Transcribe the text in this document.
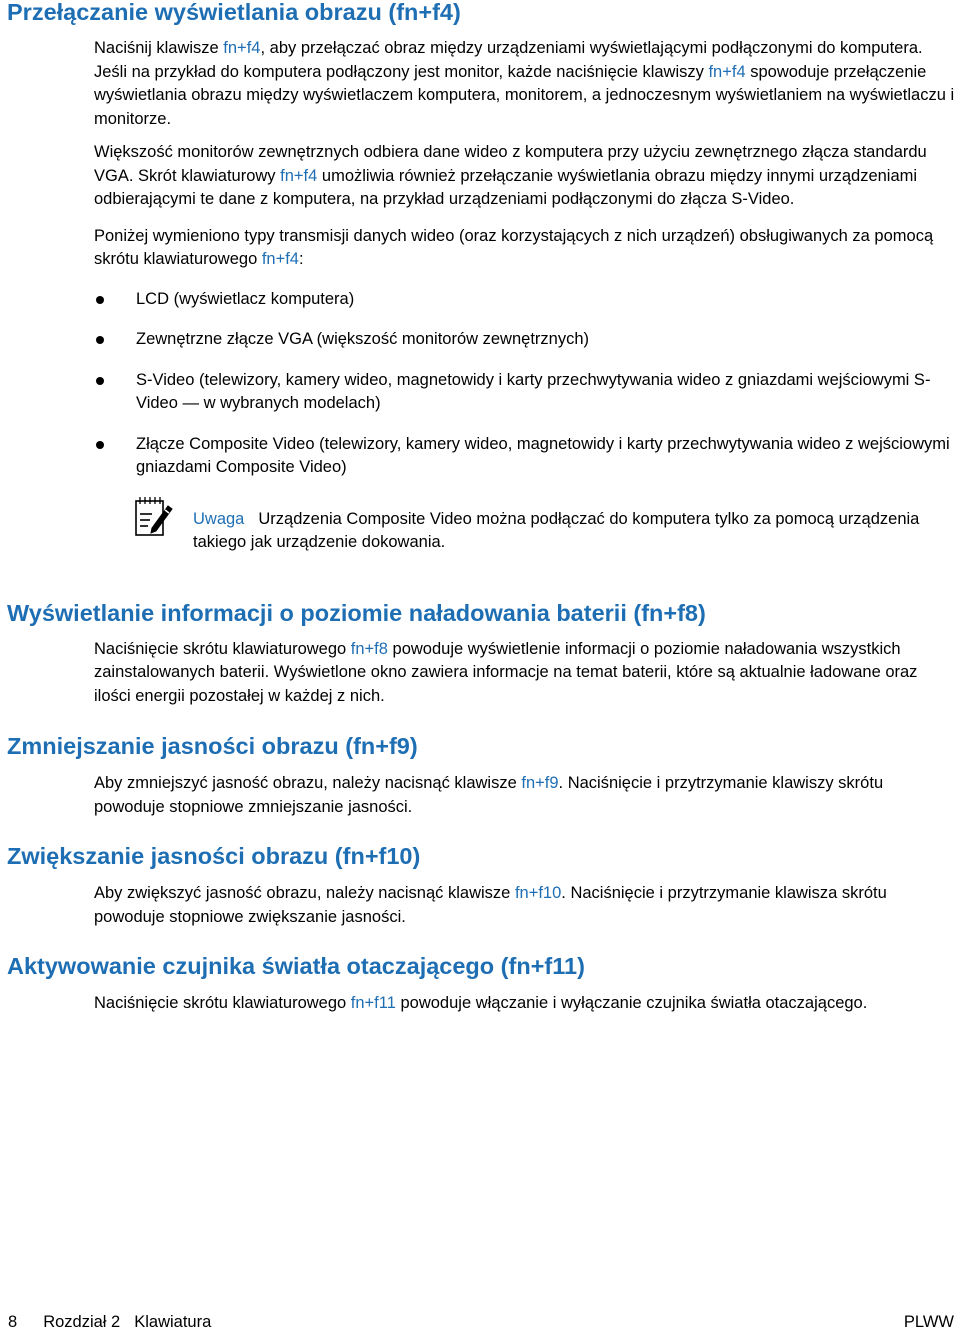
Przełączanie wyświetlania obrazu (fn+f4)

Naciśnij klawisze fn+f4, aby przełączać obraz między urządzeniami wyświetlającymi podłączonymi do komputera. Jeśli na przykład do komputera podłączony jest monitor, każde naciśnięcie klawiszy fn+f4 spowoduje przełączenie wyświetlania obrazu między wyświetlaczem komputera, monitorem, a jednoczesnym wyświetlaniem na wyświetlaczu i monitorze.

Większość monitorów zewnętrznych odbiera dane wideo z komputera przy użyciu zewnętrznego złącza standardu VGA. Skrót klawiaturowy fn+f4 umożliwia również przełączanie wyświetlania obrazu między innymi urządzeniami odbierającymi te dane z komputera, na przykład urządzeniami podłączonymi do złącza S-Video.

Poniżej wymieniono typy transmisji danych wideo (oraz korzystających z nich urządzeń) obsługiwanych za pomocą skrótu klawiaturowego fn+f4:

LCD (wyświetlacz komputera)
Zewnętrzne złącze VGA (większość monitorów zewnętrznych)
S-Video (telewizory, kamery wideo, magnetowidy i karty przechwytywania wideo z gniazdami wejściowymi S-Video — w wybranych modelach)
Złącze Composite Video (telewizory, kamery wideo, magnetowidy i karty przechwytywania wideo z wejściowymi gniazdami Composite Video)

Uwaga Urządzenia Composite Video można podłączać do komputera tylko za pomocą urządzenia takiego jak urządzenie dokowania.

Wyświetlanie informacji o poziomie naładowania baterii (fn+f8)

Naciśnięcie skrótu klawiaturowego fn+f8 powoduje wyświetlenie informacji o poziomie naładowania wszystkich zainstalowanych baterii. Wyświetlone okno zawiera informacje na temat baterii, które są aktualnie ładowane oraz ilości energii pozostałej w każdej z nich.

Zmniejszanie jasności obrazu (fn+f9)

Aby zmniejszyć jasność obrazu, należy nacisnąć klawisze fn+f9. Naciśnięcie i przytrzymanie klawiszy skrótu powoduje stopniowe zmniejszanie jasności.

Zwiększanie jasności obrazu (fn+f10)

Aby zwiększyć jasność obrazu, należy nacisnąć klawisze fn+f10. Naciśnięcie i przytrzymanie klawisza skrótu powoduje stopniowe zwiększanie jasności.

Aktywowanie czujnika światła otaczającego (fn+f11)

Naciśnięcie skrótu klawiaturowego fn+f11 powoduje włączanie i wyłączanie czujnika światła otaczającego.

8 Rozdział 2 Klawiatura	PLWW
